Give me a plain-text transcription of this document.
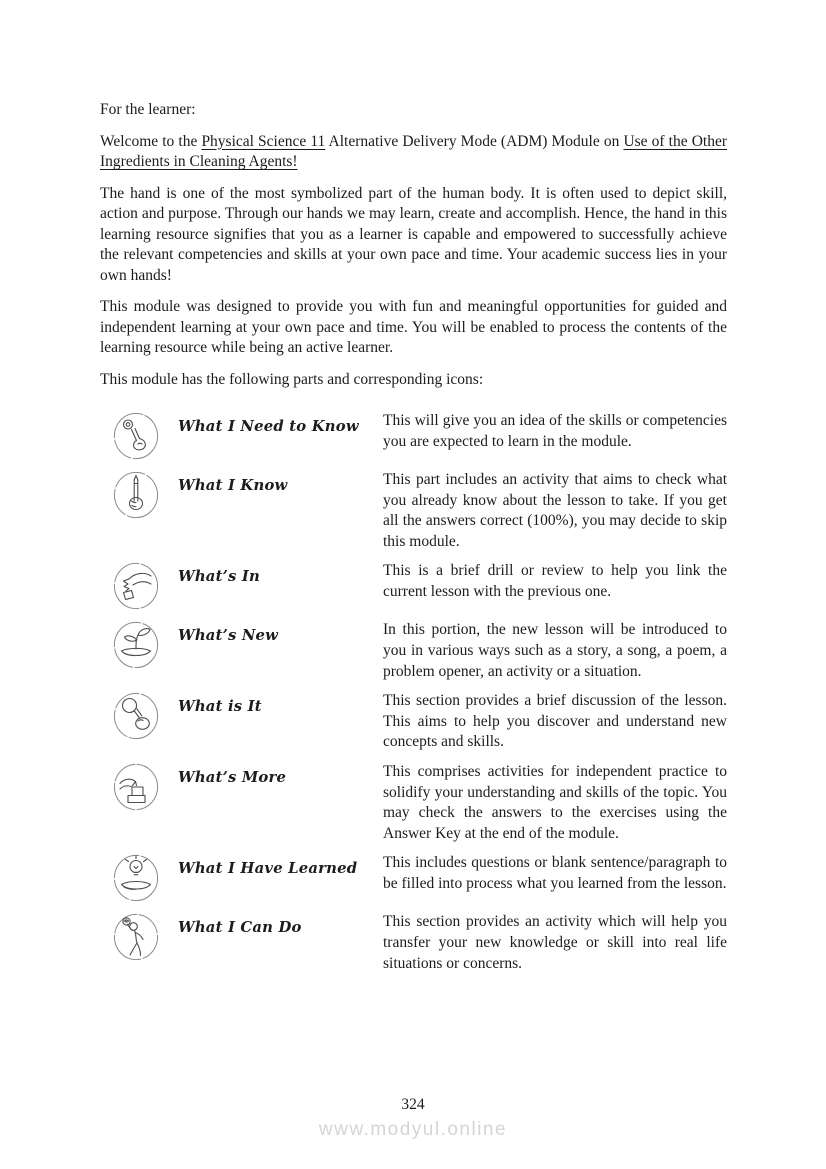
For the learner:

Welcome to the Physical Science 11 Alternative Delivery Mode (ADM) Module on Use of the Other Ingredients in Cleaning Agents!

The hand is one of the most symbolized part of the human body. It is often used to depict skill, action and purpose. Through our hands we may learn, create and accomplish. Hence, the hand in this learning resource signifies that you as a learner is capable and empowered to successfully achieve the relevant competencies and skills at your own pace and time. Your academic success lies in your own hands!

This module was designed to provide you with fun and meaningful opportunities for guided and independent learning at your own pace and time. You will be enabled to process the contents of the learning resource while being an active learner.

This module has the following parts and corresponding icons:

What I Need to Know	This will give you an idea of the skills or competencies you are expected to learn in the module.
What I Know	This part includes an activity that aims to check what you already know about the lesson to take. If you get all the answers correct (100%), you may decide to skip this module.
What’s In	This is a brief drill or review to help you link the current lesson with the previous one.
What’s New	In this portion, the new lesson will be introduced to you in various ways such as a story, a song, a poem, a problem opener, an activity or a situation.
What is It	This section provides a brief discussion of the lesson. This aims to help you discover and understand new concepts and skills.
What’s More	This comprises activities for independent practice to solidify your understanding and skills of the topic. You may check the answers to the exercises using the Answer Key at the end of the module.
What I Have Learned	This includes questions or blank sentence/paragraph to be filled into process what you learned from the lesson.
What I Can Do	This section provides an activity which will help you transfer your new knowledge or skill into real life situations or concerns.
324
www.modyul.online
